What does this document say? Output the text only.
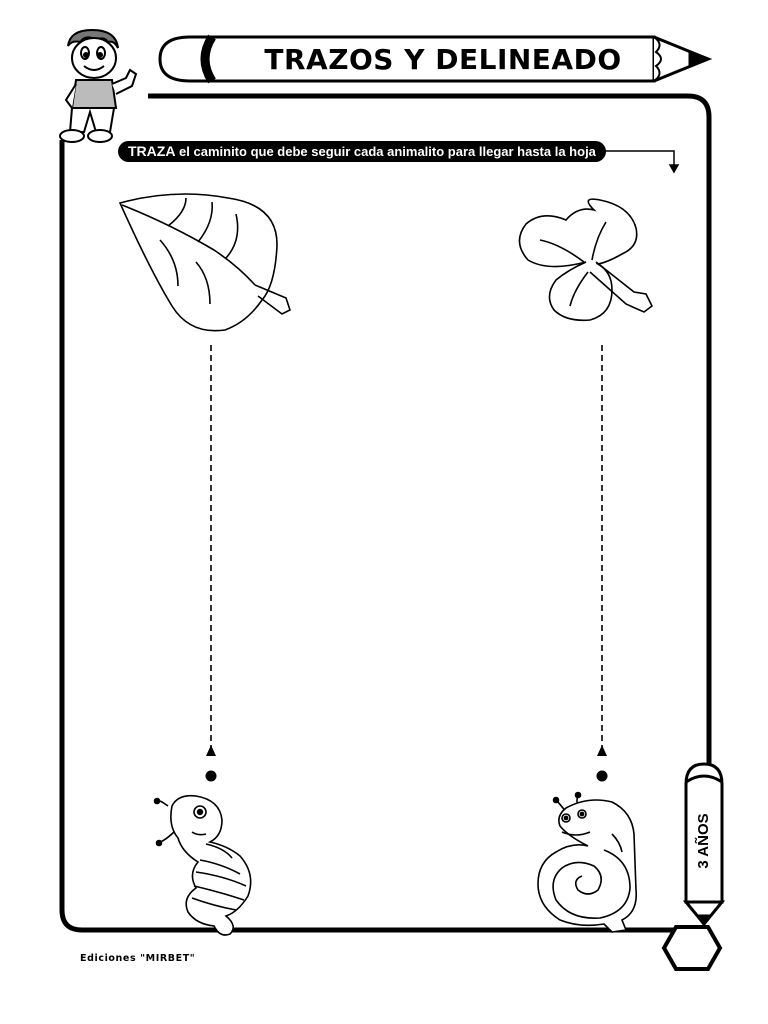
TRAZOS Y DELINEADO
TRAZA el caminito que debe seguir cada animalito para llegar hasta la hoja
3 AÑOS
Ediciones "MIRBET"
